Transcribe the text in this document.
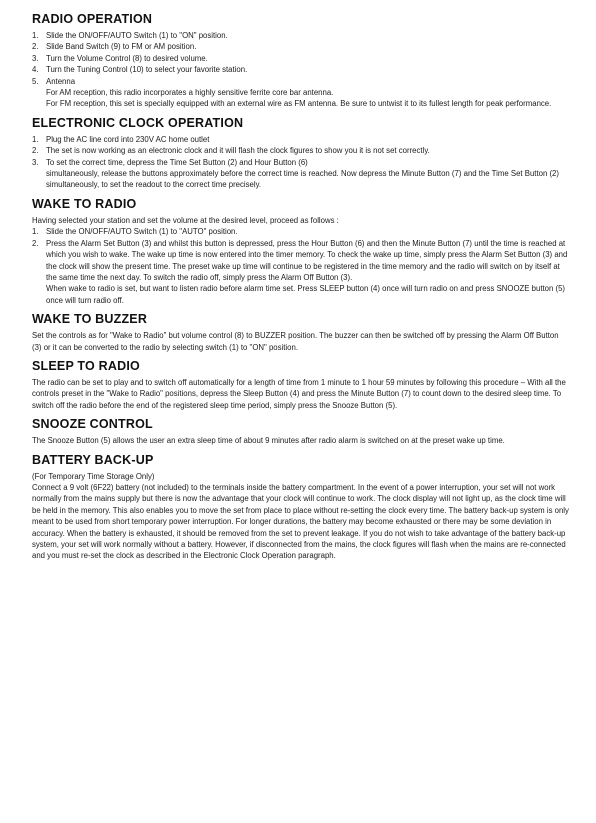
RADIO OPERATION
1. Slide the ON/OFF/AUTO Switch (1) to "ON" position.
2. Slide Band Switch (9) to FM or AM position.
3. Turn the Volume Control (8) to desired volume.
4. Turn the Tuning Control (10) to select your favorite station.
5. Antenna
For AM reception, this radio incorporates a highly sensitive ferrite core bar antenna.
For FM reception, this set is specially equipped with an external wire as FM antenna. Be sure to untwist it to its fullest length for peak performance.
ELECTRONIC CLOCK OPERATION
1. Plug the AC line cord into 230V AC home outlet
2. The set is now working as an electronic clock and it will flash the clock figures to show you it is not set correctly.
3. To set the correct time, depress the Time Set Button (2) and Hour Button (6)
simultaneously, release the buttons approximately before the correct time is reached. Now depress the Minute Button (7) and the Time Set Button (2) simultaneously, to set the readout to the correct time precisely.
WAKE TO RADIO

Having selected your station and set the volume at the desired level, proceed as follows :

1. Slide the ON/OFF/AUTO Switch (1) to "AUTO" position.
2. Press the Alarm Set Button (3) and whilst this button is depressed, press the Hour Button (6) and then the Minute Button (7) until the time is reached at which you wish to wake. The wake up time is now entered into the timer memory. To check the wake up time, simply press the Alarm Set Button (3) and the clock will show the present time. The preset wake up time will continue to be registered in the time memory and the radio will switch on by itself at the same time the next day. To switch the radio off, simply press the Alarm Off Button (3).
When wake to radio is set, but want to listen radio before alarm time set. Press SLEEP button (4) once will turn radio on and press SNOOZE button (5) once will turn radio off.
WAKE TO BUZZER

Set the controls as for "Wake to Radio" but volume control (8) to BUZZER position. The buzzer can then be switched off by pressing the Alarm Off Button (3) or it can be converted to the radio by selecting switch (1) to "ON" position.

SLEEP TO RADIO

The radio can be set to play and to switch off automatically for a length of time from 1 minute to 1 hour 59 minutes by following this procedure – With all the controls preset in the "Wake to Radio" positions, depress the Sleep Button (4) and press the Minute Button (7) to count down to the desired sleep time. To switch off the radio before the end of the registered sleep time period, simply press the Snooze Button (5).

SNOOZE CONTROL

The Snooze Button (5) allows the user an extra sleep time of about 9 minutes after radio alarm is switched on at the preset wake up time.

BATTERY BACK-UP

(For Temporary Time Storage Only)

Connect a 9 volt (6F22) battery (not included) to the terminals inside the battery compartment. In the event of a power interruption, your set will not work normally from the mains supply but there is now the advantage that your clock will continue to work. The clock display will not light up, as the clock time will be held in the memory. This also enables you to move the set from place to place without re-setting the clock every time. The battery back-up system is only meant to be used from short temporary power interruption. For longer durations, the battery may become exhausted or there may be some deviation in accuracy. When the battery is exhausted, it should be removed from the set to prevent leakage. If you do not wish to take advantage of the battery back-up system, your set will work normally without a battery. However, if disconnected from the mains, the clock figures will flash when the mains are re-connected and you must re-set the clock as described in the Electronic Clock Operation paragraph.
